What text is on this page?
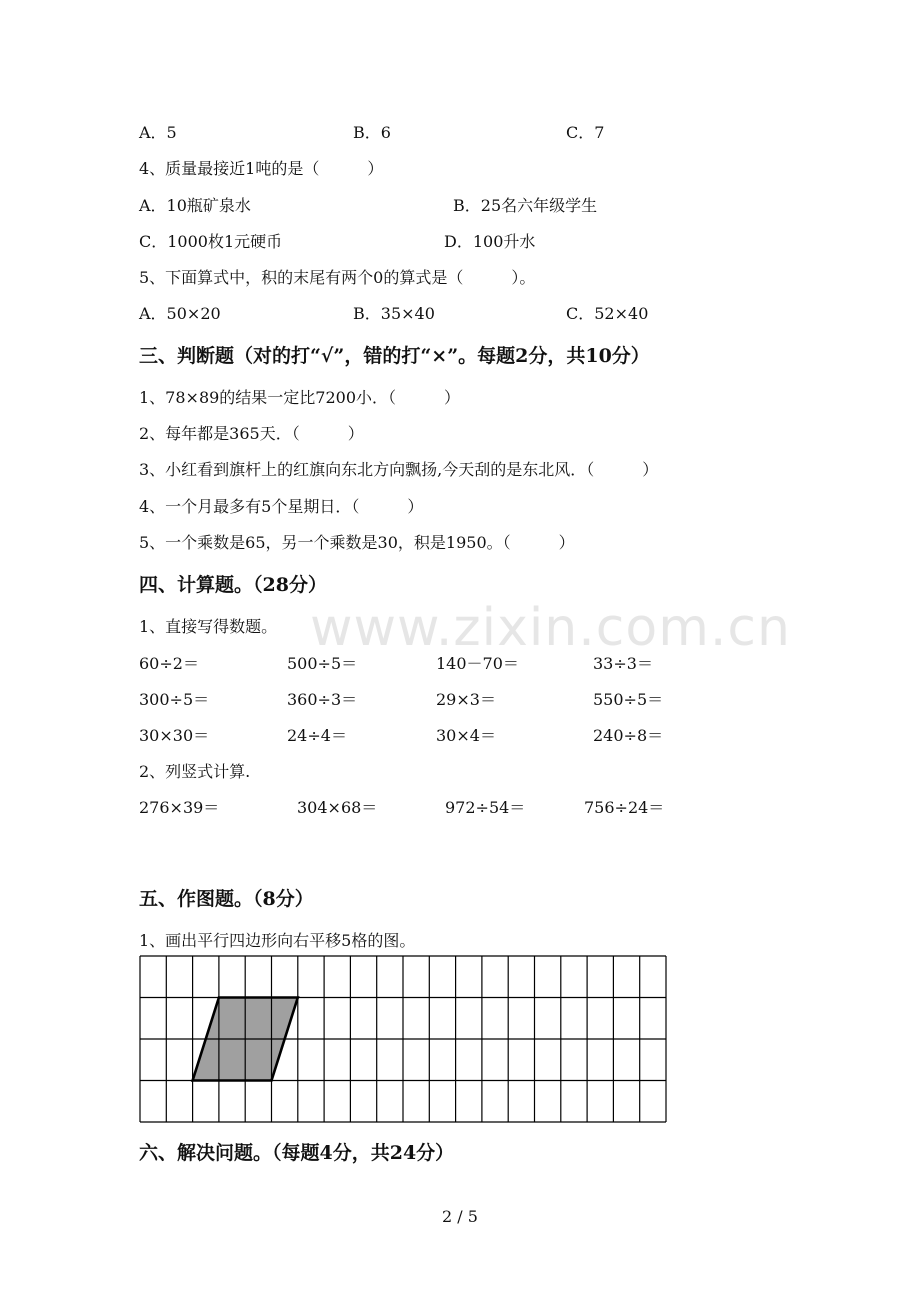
A．5	B．6	C．7
4、质量最接近1吨的是（　　　）
A．10瓶矿泉水	B．25名六年级学生
C．1000枚1元硬币	D．100升水
5、下面算式中，积的末尾有两个0的算式是（　　　）。
A．50×20	B．35×40	C．52×40
三、判断题（对的打“√”，错的打“×”。每题2分，共10分）
1、78×89的结果一定比7200小．（　　　）
2、每年都是365天．（　　　）
3、小红看到旗杆上的红旗向东北方向飘扬,今天刮的是东北风．（　　　）
4、一个月最多有5个星期日．（　　　）
5、一个乘数是65，另一个乘数是30，积是1950。（　　　）
四、计算题。（28分）
1、直接写得数题。
60÷2＝	500÷5＝	140－70＝	33÷3＝
300÷5＝	360÷3＝	29×3＝	550÷5＝
30×30＝	24÷4＝	30×4＝	240÷8＝
2、列竖式计算.
276×39＝	304×68＝	972÷54＝	756÷24＝
www.zixin.com.cn
五、作图题。（8分）
1、画出平行四边形向右平移5格的图。
六、解决问题。（每题4分，共24分）
2 / 5
